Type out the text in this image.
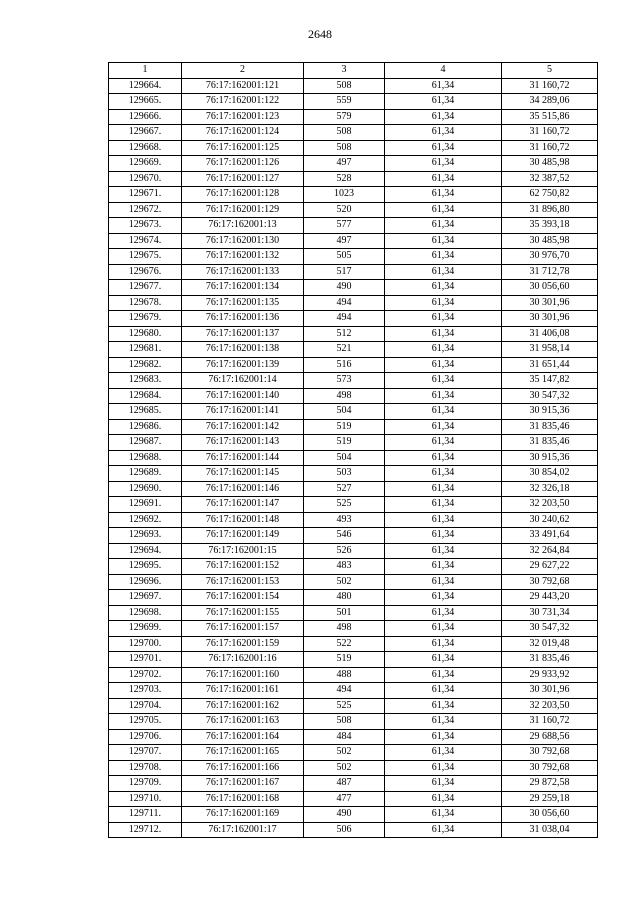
2648
1	2	3	4	5
129664.	76:17:162001:121	508	61,34	31 160,72
129665.	76:17:162001:122	559	61,34	34 289,06
129666.	76:17:162001:123	579	61,34	35 515,86
129667.	76:17:162001:124	508	61,34	31 160,72
129668.	76:17:162001:125	508	61,34	31 160,72
129669.	76:17:162001:126	497	61,34	30 485,98
129670.	76:17:162001:127	528	61,34	32 387,52
129671.	76:17:162001:128	1023	61,34	62 750,82
129672.	76:17:162001:129	520	61,34	31 896,80
129673.	76:17:162001:13	577	61,34	35 393,18
129674.	76:17:162001:130	497	61,34	30 485,98
129675.	76:17:162001:132	505	61,34	30 976,70
129676.	76:17:162001:133	517	61,34	31 712,78
129677.	76:17:162001:134	490	61,34	30 056,60
129678.	76:17:162001:135	494	61,34	30 301,96
129679.	76:17:162001:136	494	61,34	30 301,96
129680.	76:17:162001:137	512	61,34	31 406,08
129681.	76:17:162001:138	521	61,34	31 958,14
129682.	76:17:162001:139	516	61,34	31 651,44
129683.	76:17:162001:14	573	61,34	35 147,82
129684.	76:17:162001:140	498	61,34	30 547,32
129685.	76:17:162001:141	504	61,34	30 915,36
129686.	76:17:162001:142	519	61,34	31 835,46
129687.	76:17:162001:143	519	61,34	31 835,46
129688.	76:17:162001:144	504	61,34	30 915,36
129689.	76:17:162001:145	503	61,34	30 854,02
129690.	76:17:162001:146	527	61,34	32 326,18
129691.	76:17:162001:147	525	61,34	32 203,50
129692.	76:17:162001:148	493	61,34	30 240,62
129693.	76:17:162001:149	546	61,34	33 491,64
129694.	76:17:162001:15	526	61,34	32 264,84
129695.	76:17:162001:152	483	61,34	29 627,22
129696.	76:17:162001:153	502	61,34	30 792,68
129697.	76:17:162001:154	480	61,34	29 443,20
129698.	76:17:162001:155	501	61,34	30 731,34
129699.	76:17:162001:157	498	61,34	30 547,32
129700.	76:17:162001:159	522	61,34	32 019,48
129701.	76:17:162001:16	519	61,34	31 835,46
129702.	76:17:162001:160	488	61,34	29 933,92
129703.	76:17:162001:161	494	61,34	30 301,96
129704.	76:17:162001:162	525	61,34	32 203,50
129705.	76:17:162001:163	508	61,34	31 160,72
129706.	76:17:162001:164	484	61,34	29 688,56
129707.	76:17:162001:165	502	61,34	30 792,68
129708.	76:17:162001:166	502	61,34	30 792,68
129709.	76:17:162001:167	487	61,34	29 872,58
129710.	76:17:162001:168	477	61,34	29 259,18
129711.	76:17:162001:169	490	61,34	30 056,60
129712.	76:17:162001:17	506	61,34	31 038,04
